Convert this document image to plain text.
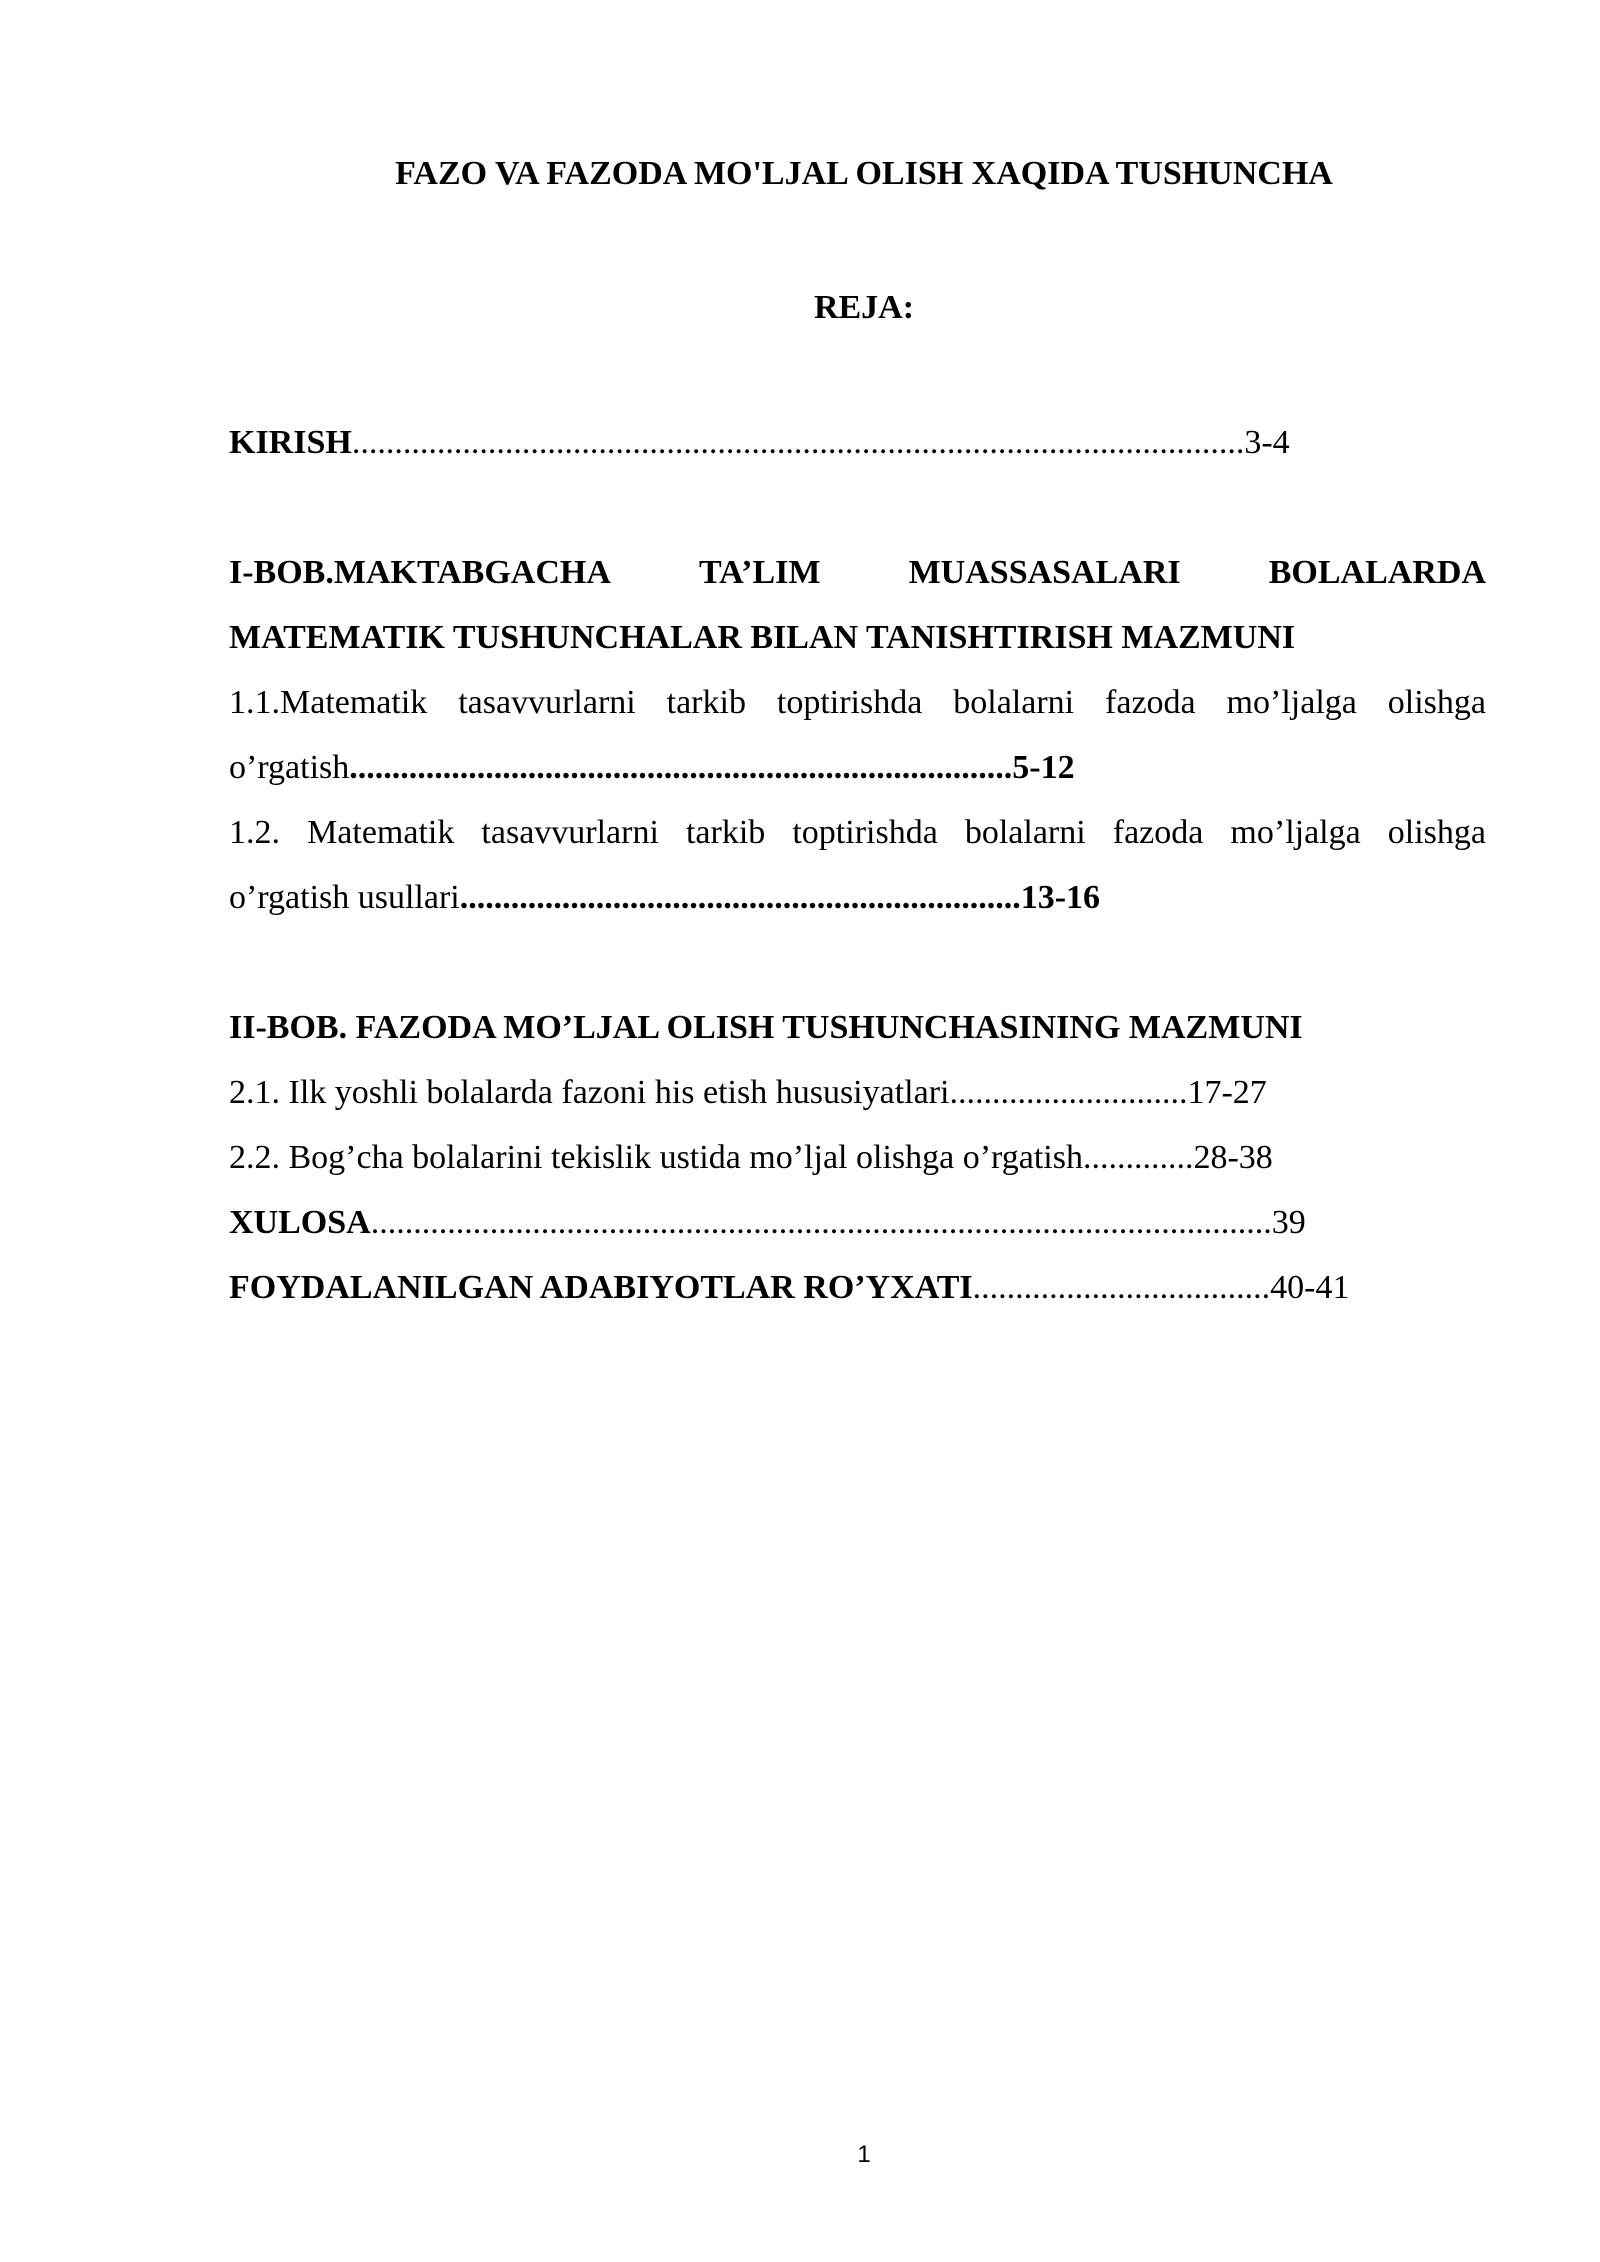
FAZO VA FAZODA MO'LJAL OLISH XAQIDA TUSHUNCHA
REJA:
KIRISH.........................................................................................................3-4
I-BOB.MAKTABGACHA	TA’LIM	MUASSASALARI	BOLALARDA
MATEMATIK TUSHUNCHALAR BILAN TANISHTIRISH MAZMUNI
1.1.Matematik tasavvurlarni tarkib toptirishda bolalarni fazoda mo’ljalga olishga
o’rgatish..............................................................................5-12
1.2. Matematik tasavvurlarni tarkib toptirishda bolalarni fazoda mo’ljalga olishga
o’rgatish usullari..................................................................13-16
II-BOB. FAZODA MO’LJAL OLISH TUSHUNCHASINING MAZMUNI
2.1. Ilk yoshli bolalarda fazoni his etish hususiyatlari............................17-27
2.2. Bog’cha bolalarini tekislik ustida mo’ljal olishga o’rgatish.............28-38
XULOSA..........................................................................................................39
FOYDALANILGAN ADABIYOTLAR RO’YXATI...................................40-41
1
